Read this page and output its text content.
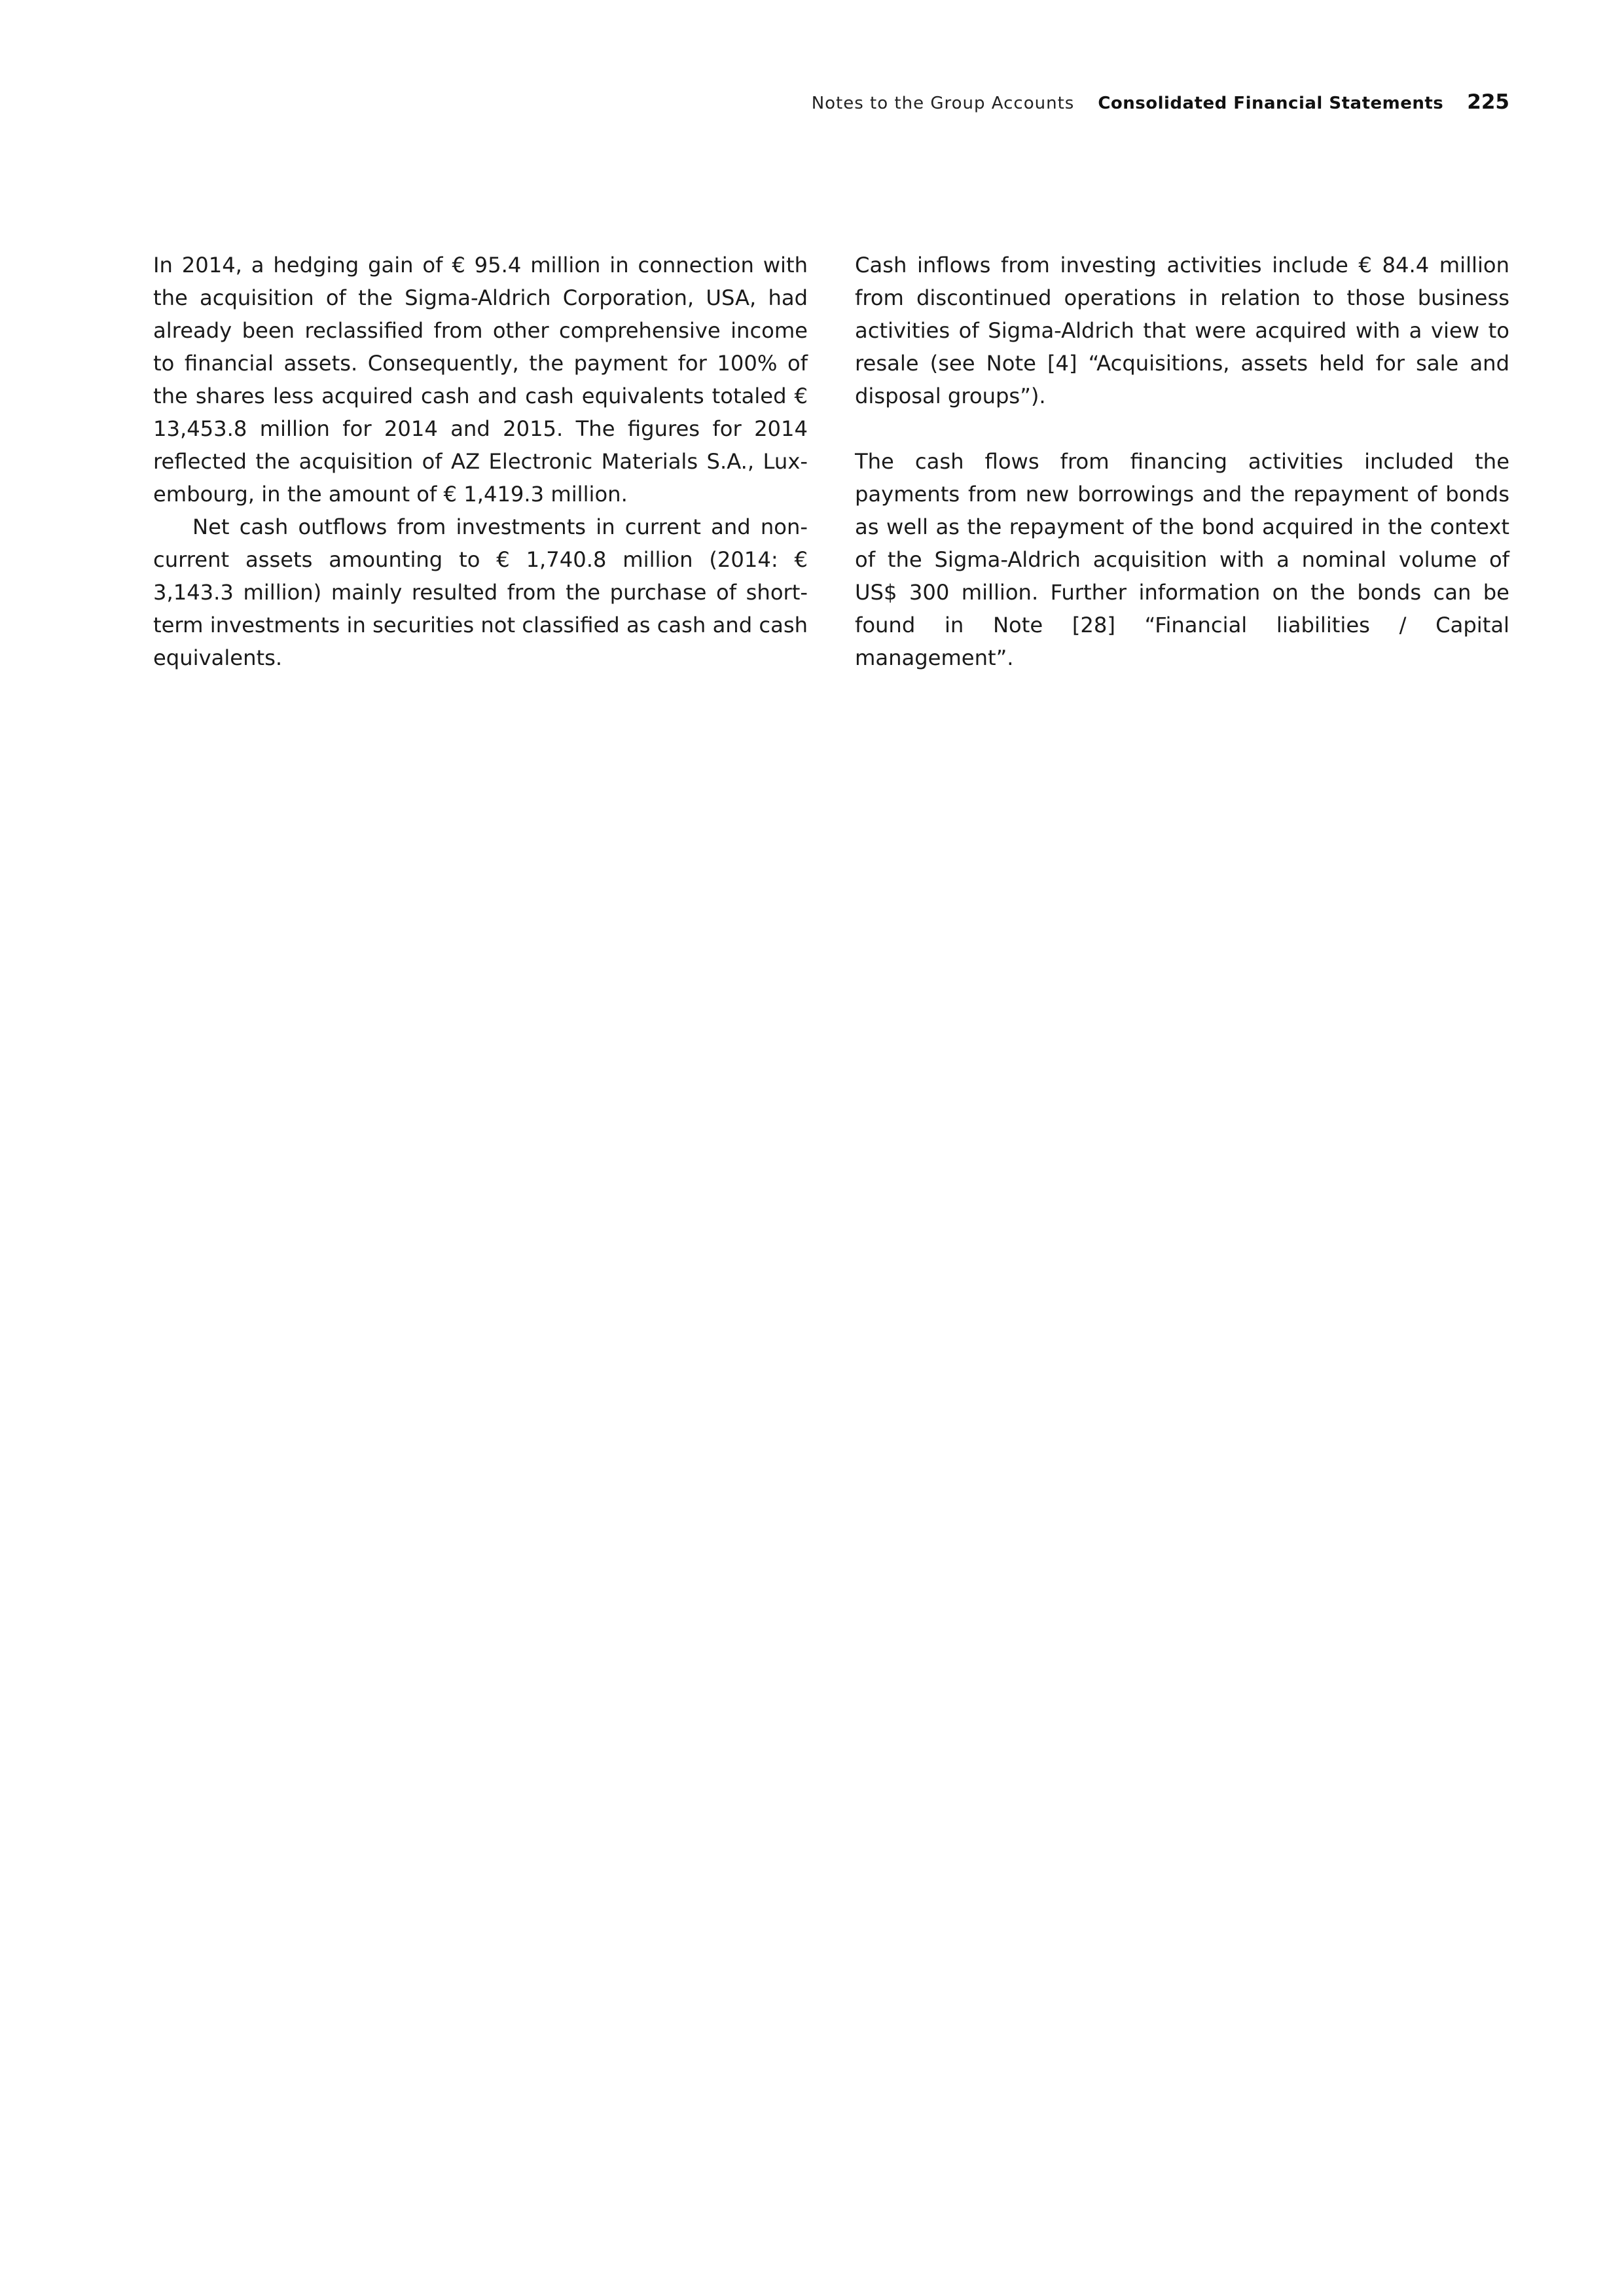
Notes to the Group Accounts Consolidated Financial Statements 225

In 2014, a hedging gain of € 95.4 million in connection with the acquisition of the Sigma-Aldrich Corporation, USA, had already been reclassified from other comprehensive income to financial assets. Consequently, the payment for 100% of the shares less acquired cash and cash equivalents totaled € 13,453.8 million for 2014 and 2015. The figures for 2014 reflected the acquisition of AZ Electronic Materials S.A., Luxembourg, in the amount of € 1,419.3 million.

Net cash outflows from investments in current and noncurrent assets amounting to € 1,740.8 million (2014: € 3,143.3 million) mainly resulted from the purchase of short-term investments in securities not classified as cash and cash equivalents.

Cash inflows from investing activities include € 84.4 million from discontinued operations in relation to those business activities of Sigma-Aldrich that were acquired with a view to resale (see Note [4] “Acquisitions, assets held for sale and disposal groups”).

The cash flows from financing activities included the payments from new borrowings and the repayment of bonds as well as the repayment of the bond acquired in the context of the Sigma-Aldrich acquisition with a nominal volume of US$ 300 million. Further information on the bonds can be found in Note [28] “Financial liabilities / Capital management”.
